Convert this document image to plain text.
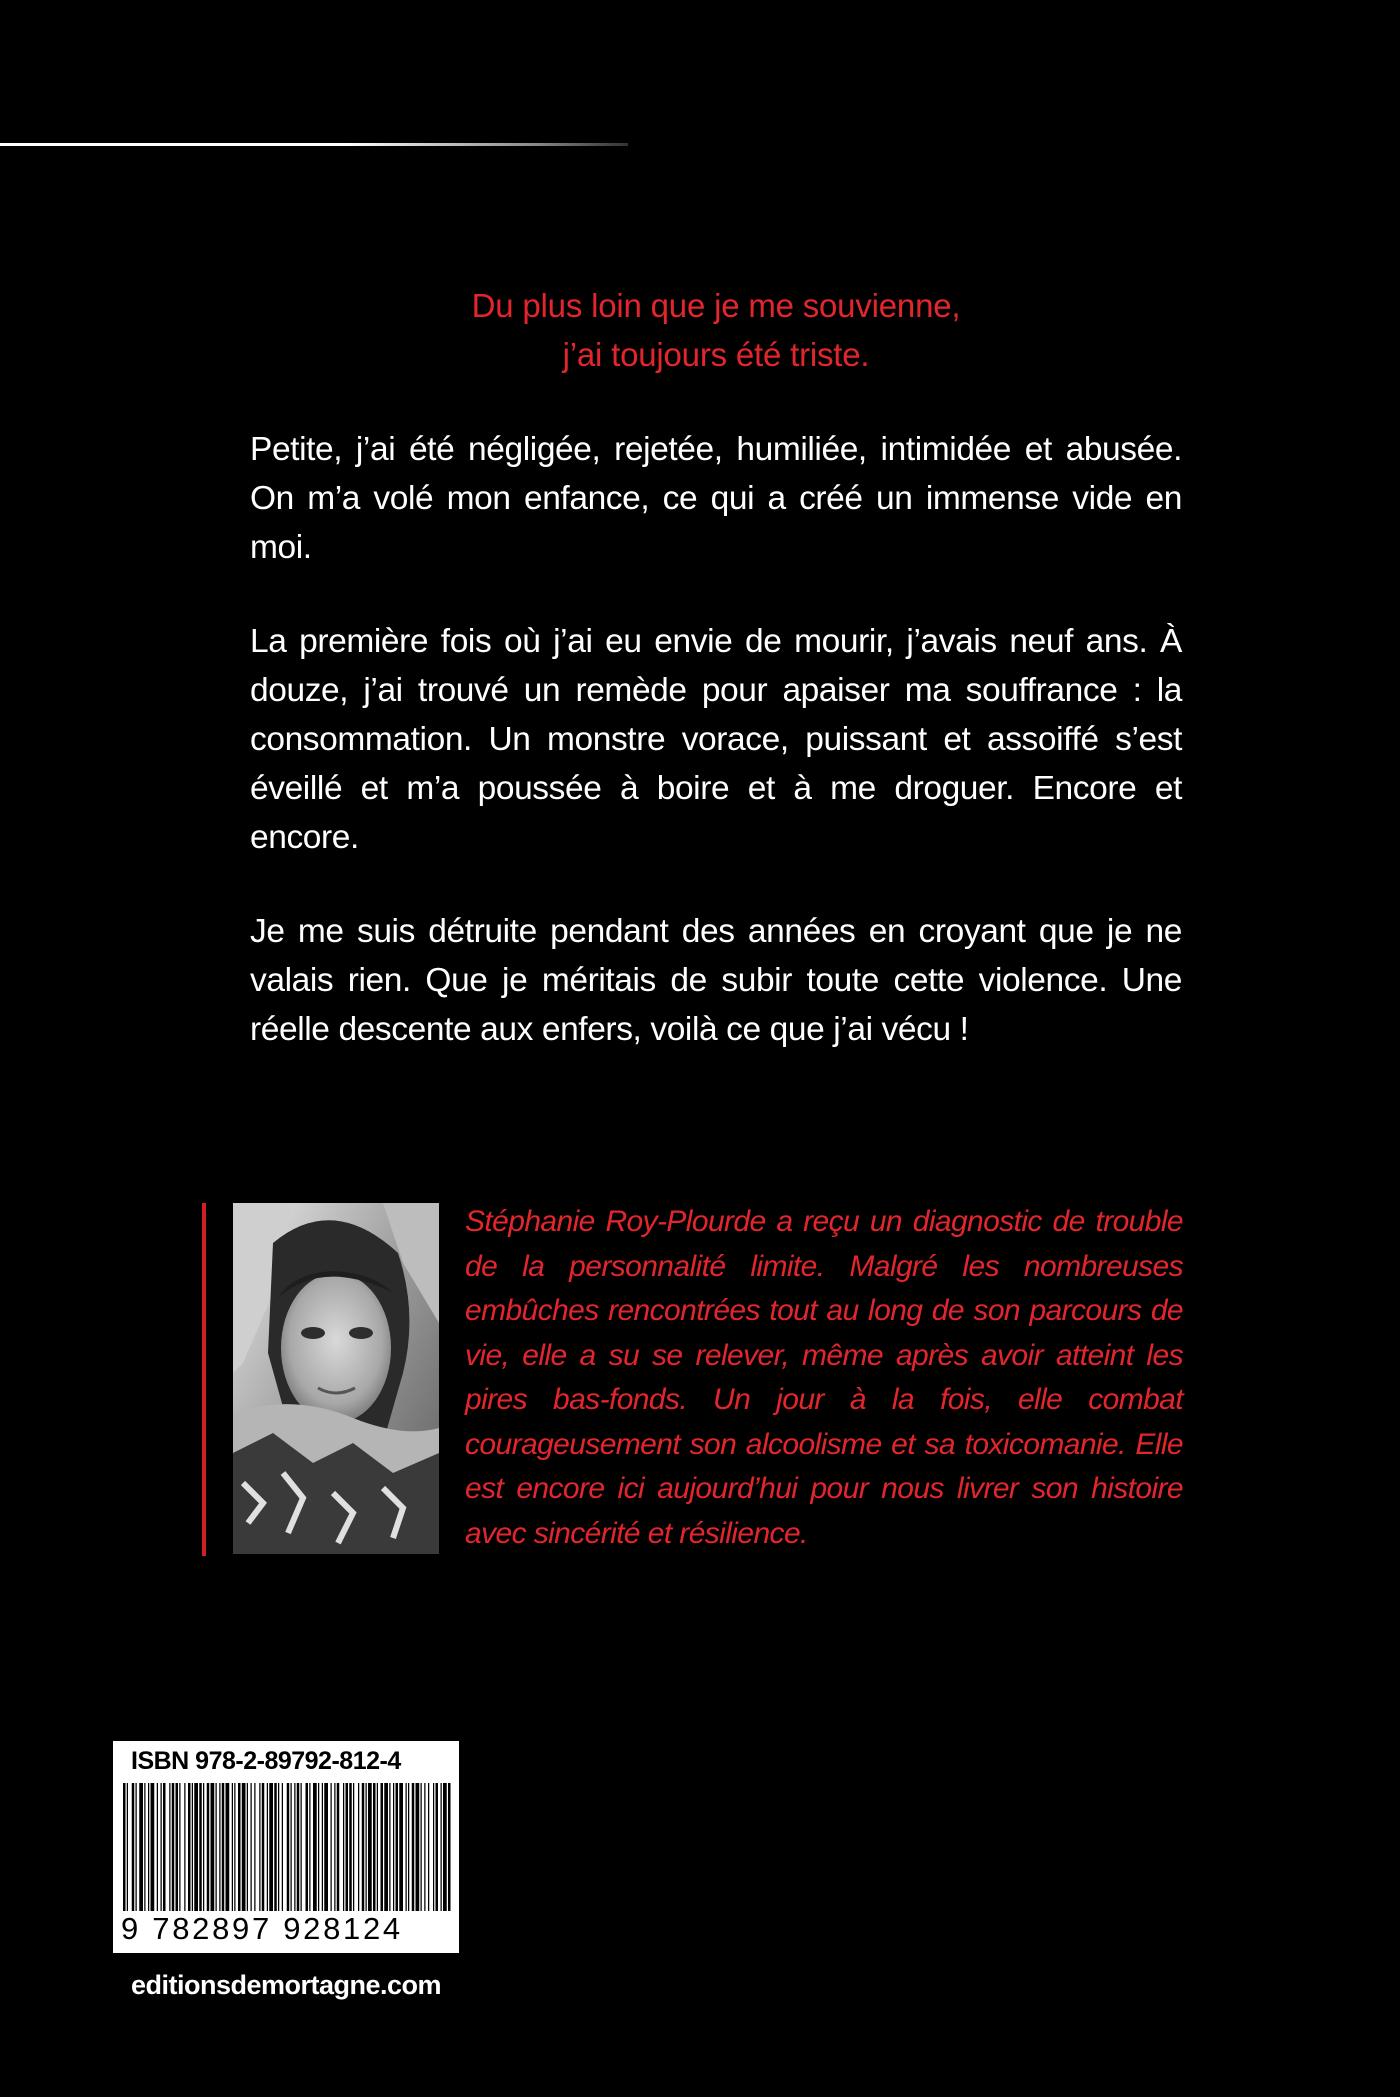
Du plus loin que je me souvienne,
j’ai toujours été triste.

Petite, j’ai été négligée, rejetée, humiliée, intimidée et abusée. On m’a volé mon enfance, ce qui a créé un immense vide en moi.

La première fois où j’ai eu envie de mourir, j’avais neuf ans. À douze, j’ai trouvé un remède pour apaiser ma souffrance : la consommation. Un monstre vorace, puissant et assoiffé s’est éveillé et m’a poussée à boire et à me droguer. Encore et encore.

Je me suis détruite pendant des années en croyant que je ne valais rien. Que je méritais de subir toute cette violence. Une réelle descente aux enfers, voilà ce que j’ai vécu !

Stéphanie Roy-Plourde a reçu un diagnostic de trouble de la personnalité limite. Malgré les nombreuses embûches rencontrées tout au long de son parcours de vie, elle a su se relever, même après avoir atteint les pires bas-fonds. Un jour à la fois, elle combat courageusement son alcoolisme et sa toxicomanie. Elle est encore ici aujourd’hui pour nous livrer son histoire avec sincérité et résilience.
ISBN 978-2-89792-812-4
9 782897 928124
editionsdemortagne.com
